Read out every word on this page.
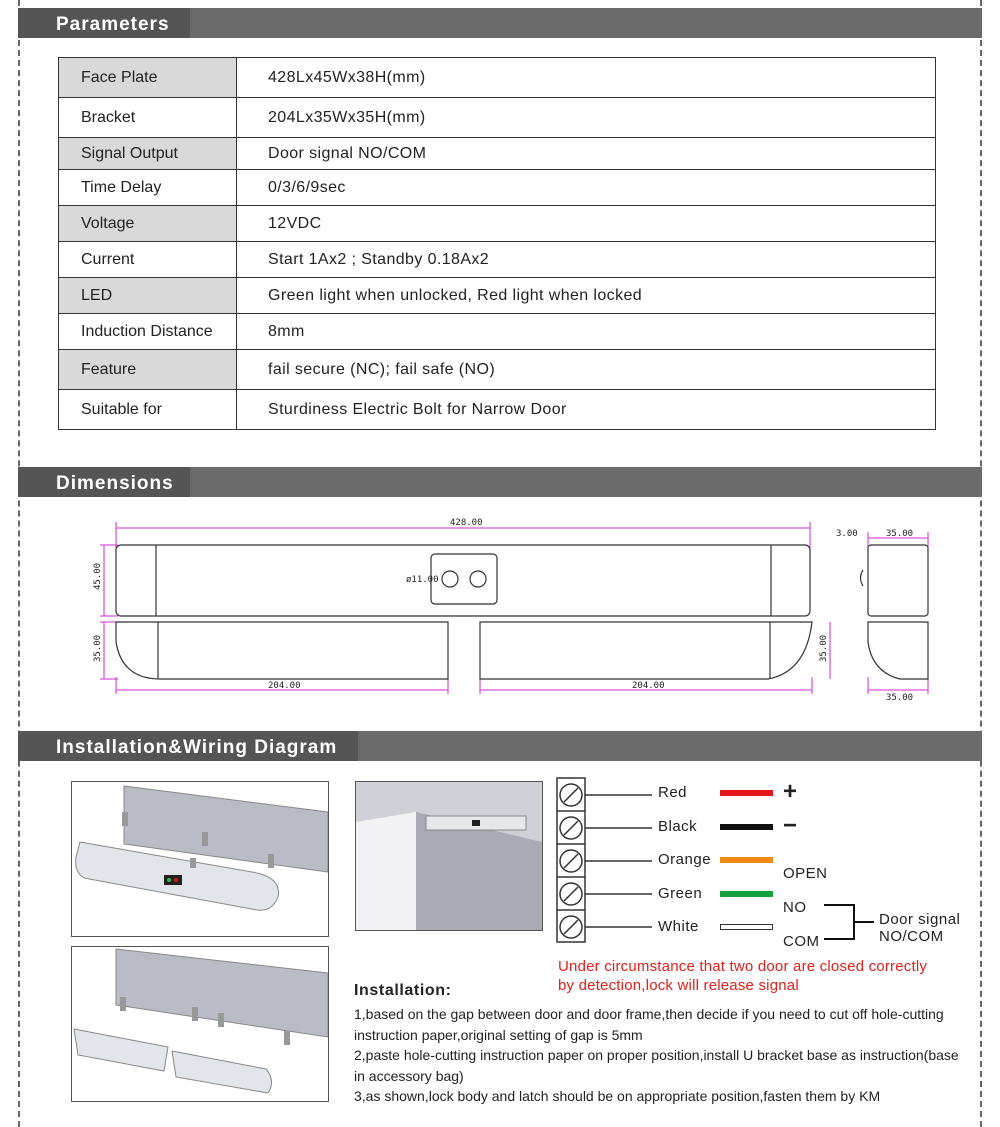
Parameters
Face Plate	428Lx45Wx38H(mm)
Bracket	204Lx35Wx35H(mm)
Signal Output	Door signal NO/COM
Time Delay	0/3/6/9sec
Voltage	12VDC
Current	Start 1Ax2 ; Standby 0.18Ax2
LED	Green light when unlocked, Red light when locked
Induction Distance	8mm
Feature	fail secure (NC); fail safe (NO)
Suitable for	Sturdiness Electric Bolt for Narrow Door
Dimensions
428.00
45.00	ø11.00
35.00	35.00
204.00	204.00
3.00	35.00
35.00
Installation&Wiring Diagram
Red	+
Black	−
Orange
Green
White
OPEN
NO
COM
Door signal
NO/COM
Under circumstance that two door are closed correctly
by detection,lock will release signal
Installation:
1,based on the gap between door and door frame,then decide if you need to cut off hole-cutting instruction paper,original setting of gap is 5mm
2,paste hole-cutting instruction paper on proper position,install U bracket base as instruction(base in accessory bag)
3,as shown,lock body and latch should be on appropriate position,fasten them by KM
